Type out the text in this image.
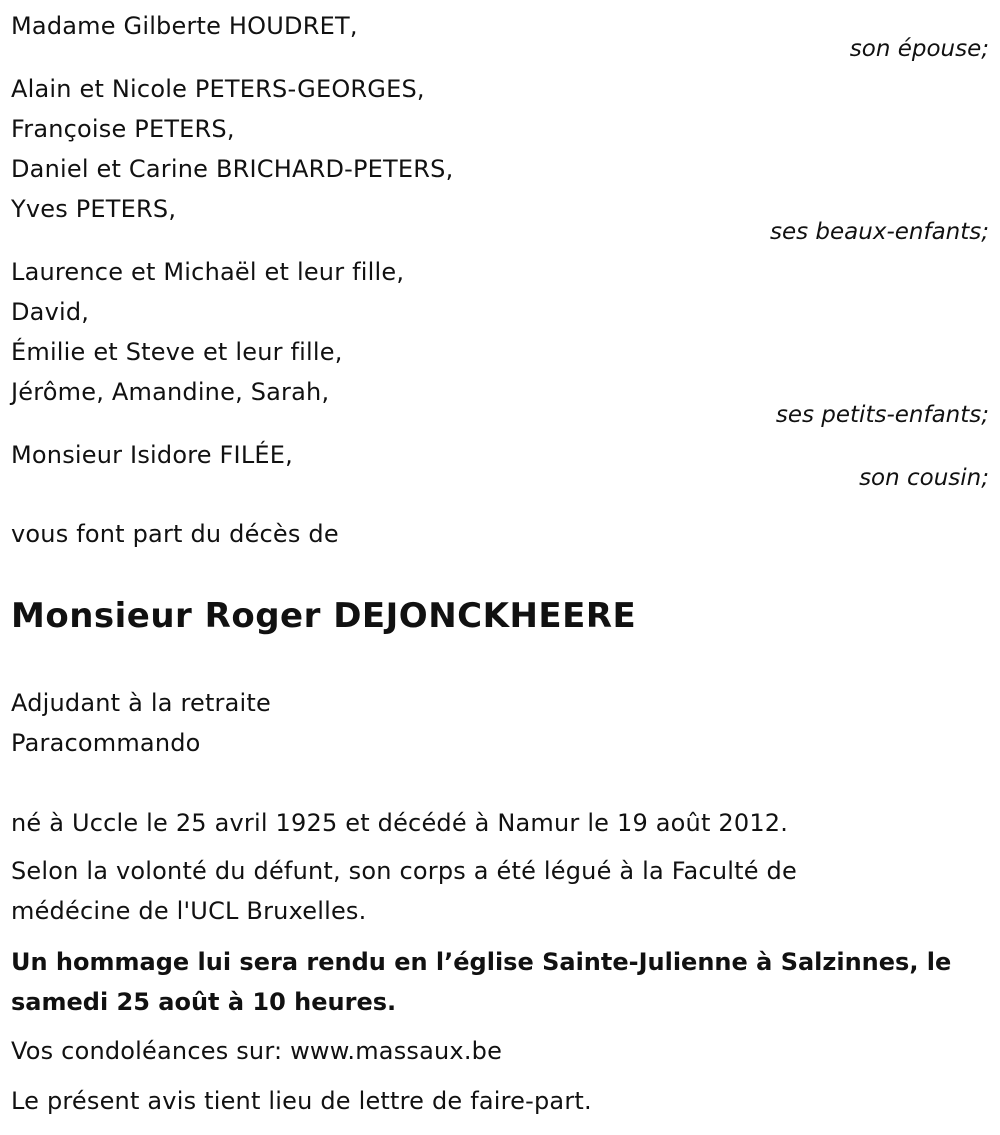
Madame Gilberte HOUDRET,
son épouse;
Alain et Nicole PETERS-GEORGES,
Françoise PETERS,
Daniel et Carine BRICHARD-PETERS,
Yves PETERS,
ses beaux-enfants;
Laurence et Michaël et leur fille,
David,
Émilie et Steve et leur fille,
Jérôme, Amandine, Sarah,
ses petits-enfants;
Monsieur Isidore FILÉE,
son cousin;
vous font part du décès de
Monsieur Roger DEJONCKHEERE
Adjudant à la retraite
Paracommando
né à Uccle le 25 avril 1925 et décédé à Namur le 19 août 2012.
Selon la volonté du défunt, son corps a été légué à la Faculté de
médécine de l'UCL Bruxelles.
Un hommage lui sera rendu en l’église Sainte-Julienne à Salzinnes, le
samedi 25 août à 10 heures.
Vos condoléances sur: www.massaux.be
Le présent avis tient lieu de lettre de faire-part.
